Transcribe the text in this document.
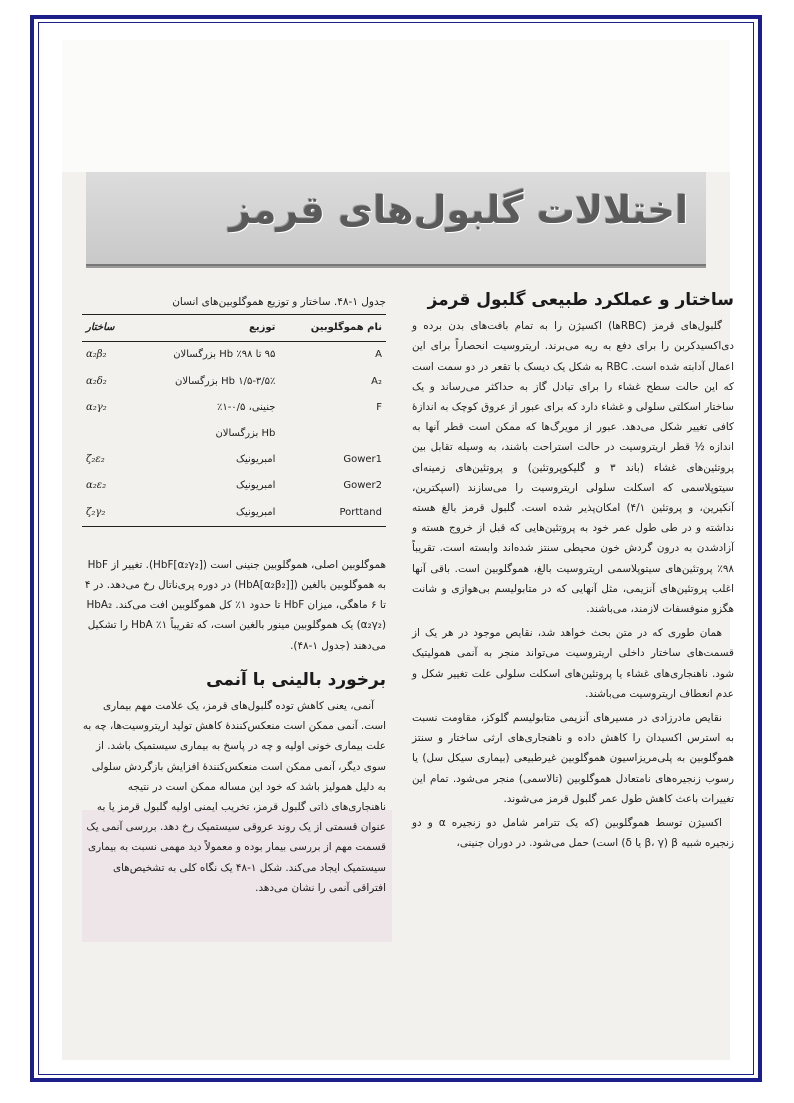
اختلالات گلبول‌های قرمز
ساختار و عملکرد طبیعی گلبول قرمز

گلبول‌های قرمز (RBCها) اکسیژن را به تمام بافت‌های بدن برده و دی‌اکسیدکربن را برای دفع به ریه می‌برند. اریتروسیت انحصاراً برای این اعمال آدابته شده است. RBC به شکل یک دیسک با تقعر در دو سمت است که این حالت سطح غشاء را برای تبادل گاز به حداکثر می‌رساند و یک ساختار اسکلتی سلولی و غشاء دارد که برای عبور از عروق کوچک به اندازهٔ کافی تغییر شکل می‌دهد. عبور از مویرگ‌ها که ممکن است قطر آنها به اندازه ½ قطر اریتروسیت در حالت استراحت باشند، به وسیله تقابل بین پروتئین‌های غشاء (باند ۳ و گلیکوپروتئین) و پروتئین‌های زمینه‌ای سیتوپلاسمی که اسکلت سلولی اریتروسیت را می‌سازند (اسپکترین، آنکیرین، و پروتئین ۴/۱) امکان‌پذیر شده است. گلبول قرمز بالغ هسته نداشته و در طی طول عمر خود به پروتئین‌هایی که قبل از خروج هسته و آزادشدن به درون گردش خون محیطی سنتز شده‌اند وابسته است. تقریباً ۹۸٪ پروتئین‌های سیتوپلاسمی اریتروسیت بالغ، هموگلوبین است. باقی آنها اغلب پروتئین‌های آنزیمی، مثل آنهایی که در متابولیسم بی‌هوازی و شانت هگزو منوفسفات لازمند، می‌باشند.

همان طوری که در متن بحث خواهد شد، نقایص موجود در هر یک از قسمت‌های ساختار داخلی اریتروسیت می‌تواند منجر به آنمی همولیتیک شود. ناهنجاری‌های غشاء یا پروتئین‌های اسکلت سلولی علت تغییر شکل و عدم انعطاف اریتروسیت می‌باشند.

نقایص مادرزادی در مسیرهای آنزیمی متابولیسم گلوکز، مقاومت نسبت به استرس اکسیدان را کاهش داده و ناهنجاری‌های ارثی ساختار و سنتز هموگلوبین به پلی‌مریزاسیون هموگلوبین غیرطبیعی (بیماری سیکل سل) یا رسوب زنجیره‌های نامتعادل هموگلوبین (تالاسمی) منجر می‌شود. تمام این تغییرات باعث کاهش طول عمر گلبول قرمز می‌شوند.

اکسیژن توسط هموگلوبین (که یک تترامر شامل دو زنجیره α و دو زنجیره شبیه β (β، γ یا δ) است) حمل می‌شود. در دوران جنینی،

جدول ۱-۴۸. ساختار و توزیع هموگلوبین‌های انسان
نام هموگلوبین	توزیع	ساختار
A	۹۵ تا ۹۸٪ Hb بزرگسالان	α₂β₂
A₂	۱/۵-۳/۵٪ Hb بزرگسالان	α₂δ₂
F	جنینی، ۰/۵-۱٪	α₂γ₂
	Hb بزرگسالان	
Gower1	امبریونیک	ζ₂ε₂
Gower2	امبریونیک	α₂ε₂
Porttand	امبریونیک	ζ₂γ₂

هموگلوبین اصلی، هموگلوبین جنینی است (HbF[α₂γ₂]). تغییر از HbF به هموگلوبین بالغین ([HbA[α₂β₂]) در دوره پری‌ناتال رخ می‌دهد. در ۴ تا ۶ ماهگی، میزان HbF تا حدود ۱٪ کل هموگلوبین افت می‌کند. HbA₂ (α₂γ₂) یک هموگلوبین مینور بالغین است، که تقریباً ۱٪ HbA را تشکیل می‌دهند (جدول ۱-۴۸).

برخورد بالینی با آنمی

آنمی، یعنی کاهش توده گلبول‌های قرمز، یک علامت مهم بیماری است. آنمی ممکن است منعکس‌کنندهٔ کاهش تولید اریتروسیت‌ها، چه به علت بیماری خونی اولیه و چه در پاسخ به بیماری سیستمیک باشد. از سوی دیگر، آنمی ممکن است منعکس‌کنندهٔ افزایش بازگردش سلولی به دلیل همولیز باشد که خود این مساله ممکن است در نتیجه ناهنجاری‌های ذاتی گلبول قرمز، تخریب ایمنی اولیه گلبول قرمز یا به عنوان قسمتی از یک روند عروقی سیستمیک رخ دهد. بررسی آنمی یک قسمت مهم از بررسی بیمار بوده و معمولاً دید مهمی نسبت به بیماری سیستمیک ایجاد می‌کند. شکل ۱-۴۸ یک نگاه کلی به تشخیص‌های افتراقی آنمی را نشان می‌دهد.
